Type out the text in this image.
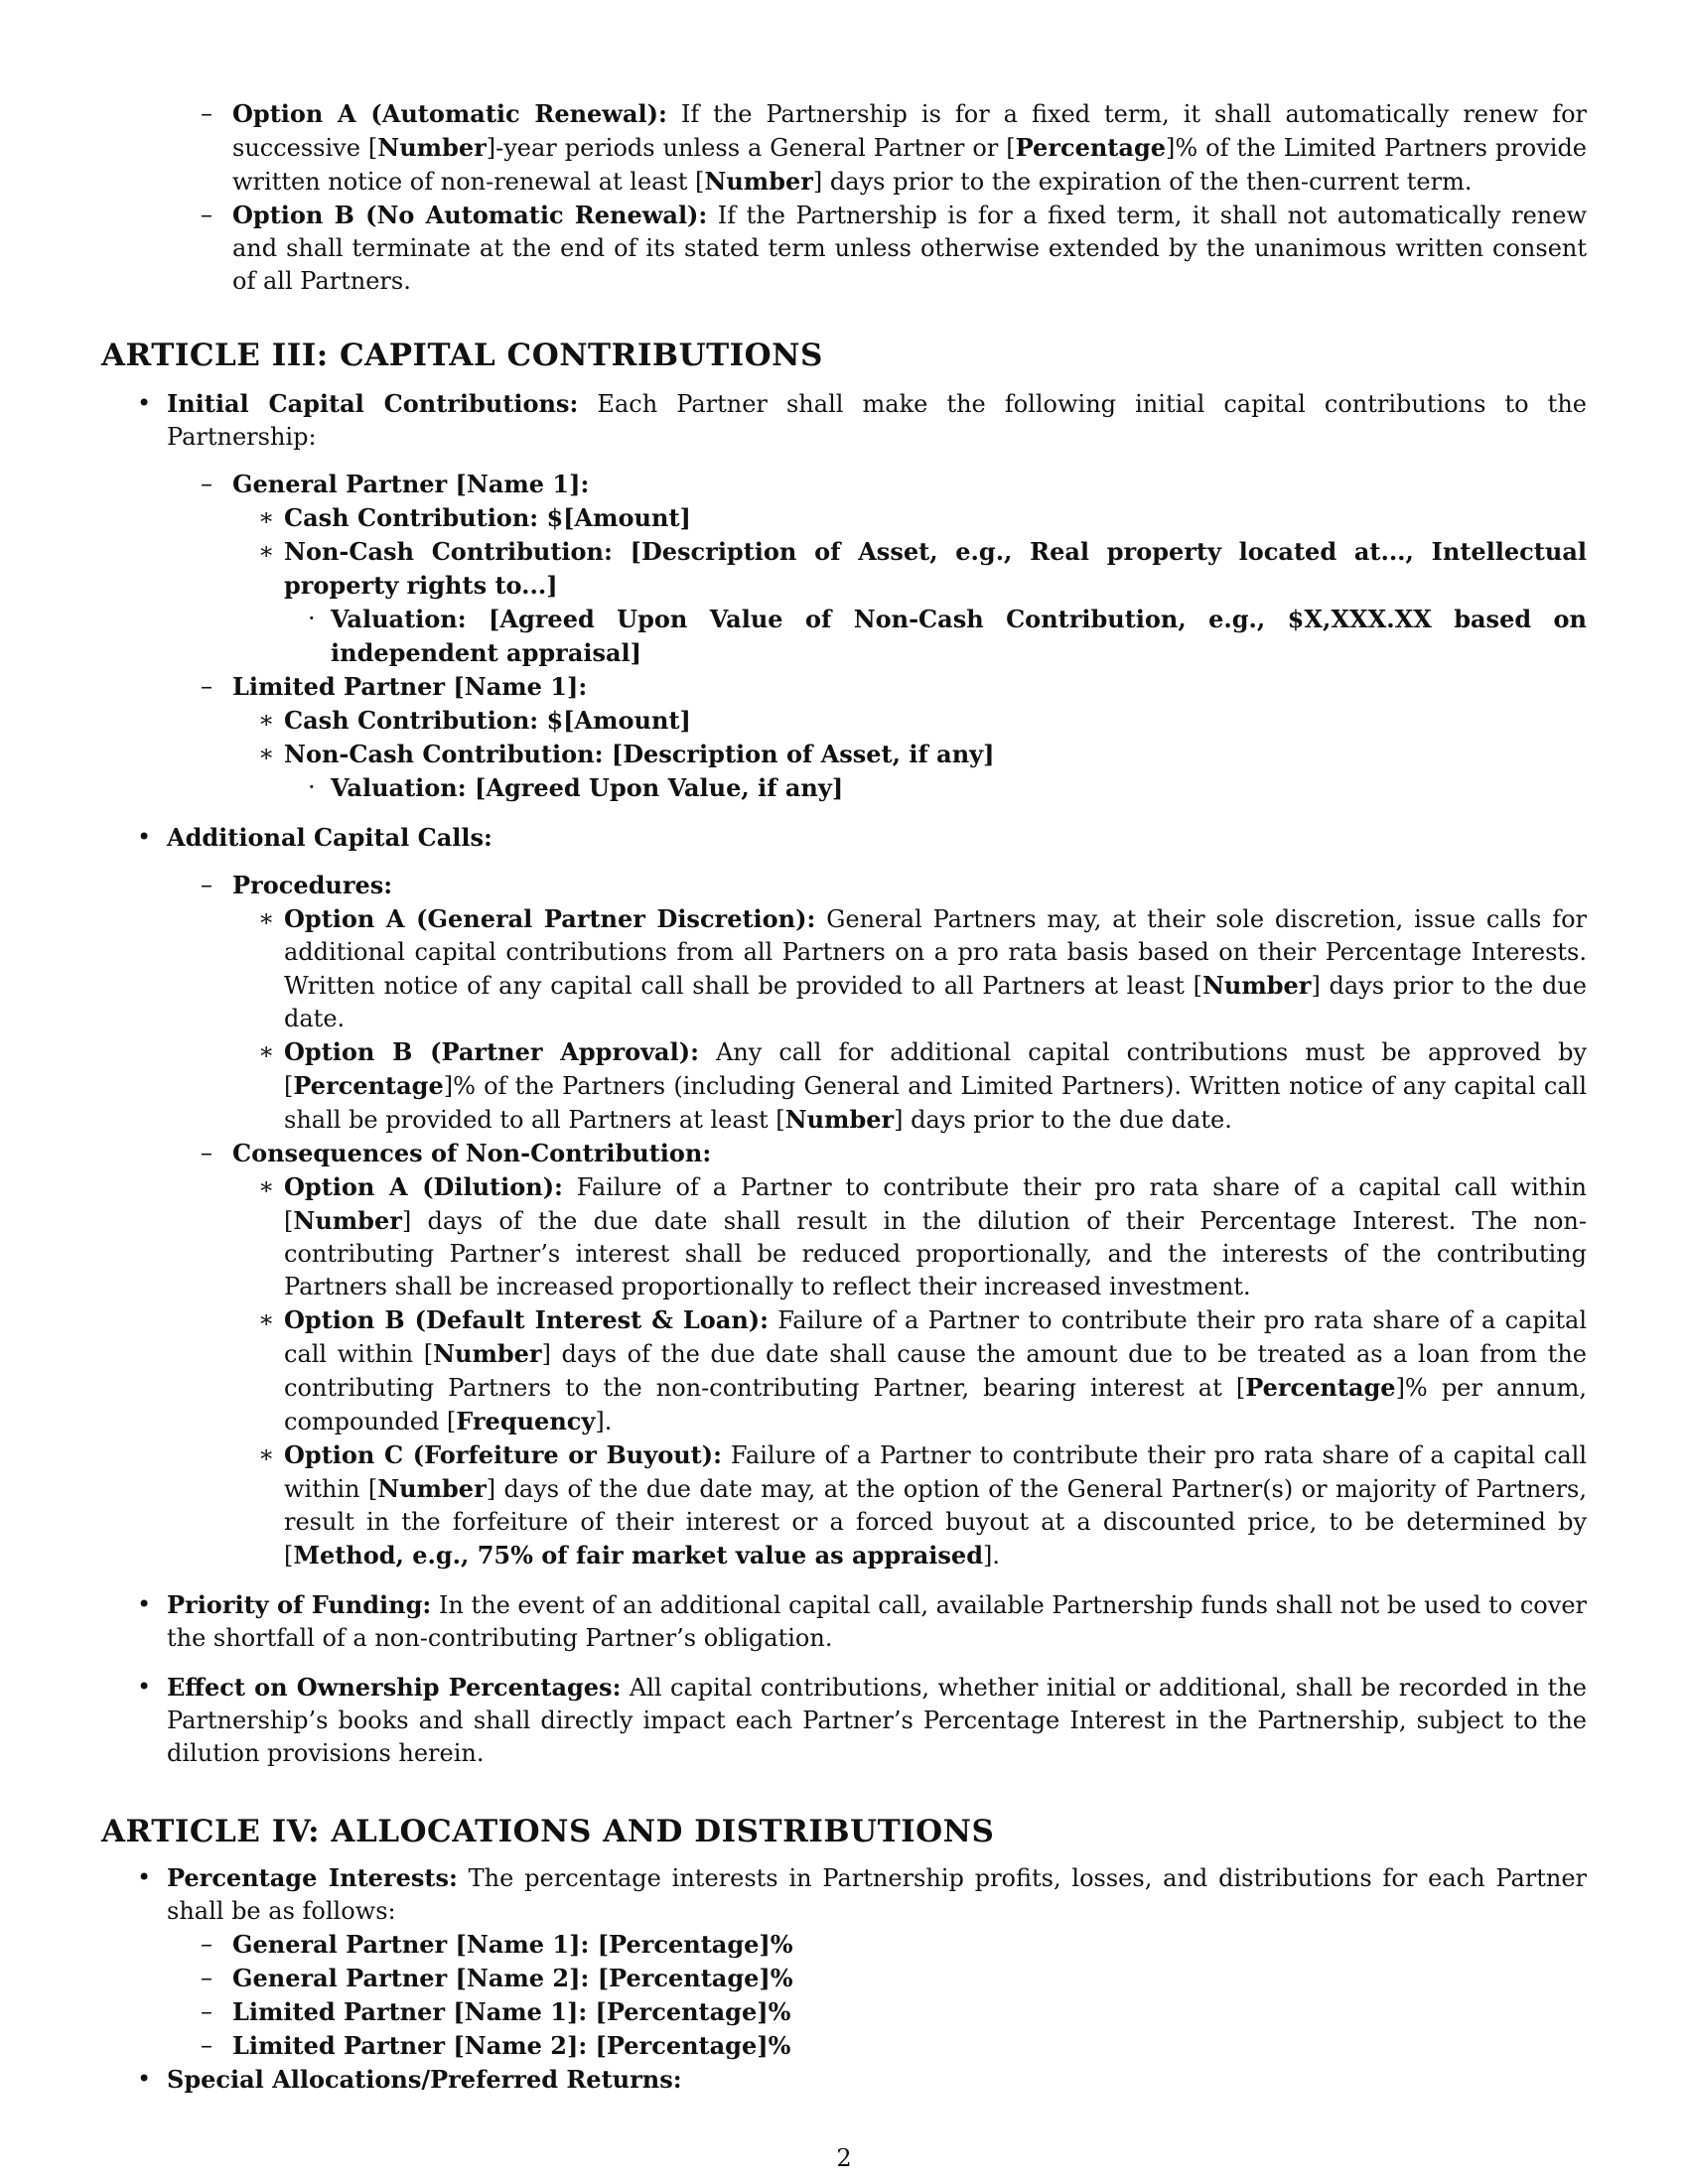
– Option A (Automatic Renewal): If the Partnership is for a fixed term, it shall automatically renew for successive [Number]-year periods unless a General Partner or [Percentage]% of the Limited Partners provide written notice of non-renewal at least [Number] days prior to the expiration of the then-current term.
– Option B (No Automatic Renewal): If the Partnership is for a fixed term, it shall not automatically renew and shall terminate at the end of its stated term unless otherwise extended by the unanimous written consent of all Partners.
ARTICLE III: CAPITAL CONTRIBUTIONS
• Initial Capital Contributions: Each Partner shall make the following initial capital contributions to the Partnership:
– General Partner [Name 1]:
∗ Cash Contribution: $[Amount]
∗ Non-Cash Contribution: [Description of Asset, e.g., Real property located at..., Intellectual property rights to...]
· Valuation: [Agreed Upon Value of Non-Cash Contribution, e.g., $X,XXX.XX based on independent appraisal]
– Limited Partner [Name 1]:
∗ Cash Contribution: $[Amount]
∗ Non-Cash Contribution: [Description of Asset, if any]
· Valuation: [Agreed Upon Value, if any]
• Additional Capital Calls:
– Procedures:
∗ Option A (General Partner Discretion): General Partners may, at their sole discretion, issue calls for additional capital contributions from all Partners on a pro rata basis based on their Percentage Interests. Written notice of any capital call shall be provided to all Partners at least [Number] days prior to the due date.
∗ Option B (Partner Approval): Any call for additional capital contributions must be approved by [Percentage]% of the Partners (including General and Limited Partners). Written notice of any capital call shall be provided to all Partners at least [Number] days prior to the due date.
– Consequences of Non-Contribution:
∗ Option A (Dilution): Failure of a Partner to contribute their pro rata share of a capital call within [Number] days of the due date shall result in the dilution of their Percentage Interest. The non-contributing Partner’s interest shall be reduced proportionally, and the interests of the contributing Partners shall be increased proportionally to reflect their increased investment.
∗ Option B (Default Interest & Loan): Failure of a Partner to contribute their pro rata share of a capital call within [Number] days of the due date shall cause the amount due to be treated as a loan from the contributing Partners to the non-contributing Partner, bearing interest at [Percentage]% per annum, compounded [Frequency].
∗ Option C (Forfeiture or Buyout): Failure of a Partner to contribute their pro rata share of a capital call within [Number] days of the due date may, at the option of the General Partner(s) or majority of Partners, result in the forfeiture of their interest or a forced buyout at a discounted price, to be determined by [Method, e.g., 75% of fair market value as appraised].
• Priority of Funding: In the event of an additional capital call, available Partnership funds shall not be used to cover the shortfall of a non-contributing Partner’s obligation.
• Effect on Ownership Percentages: All capital contributions, whether initial or additional, shall be recorded in the Partnership’s books and shall directly impact each Partner’s Percentage Interest in the Partnership, subject to the dilution provisions herein.
ARTICLE IV: ALLOCATIONS AND DISTRIBUTIONS
• Percentage Interests: The percentage interests in Partnership profits, losses, and distributions for each Partner shall be as follows:
– General Partner [Name 1]: [Percentage]%
– General Partner [Name 2]: [Percentage]%
– Limited Partner [Name 1]: [Percentage]%
– Limited Partner [Name 2]: [Percentage]%
• Special Allocations/Preferred Returns:
2
